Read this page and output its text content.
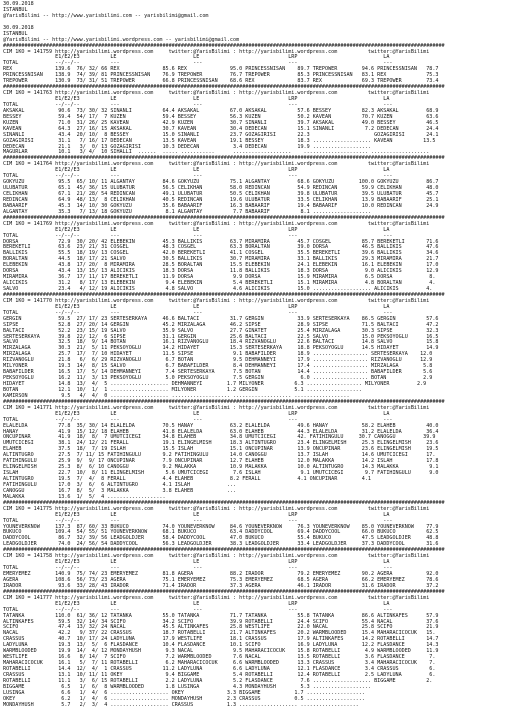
30.09.2018
ISTANBUL
@YarisBilimi -- http://www.yarisbilimi.com -- yarisbilimi@gmail.com
30.09.2018
ISTANBUL
@YarisBilimi -- http://www.yarisbilimi.wordpress.com -- yarisbilimi@gmail.com
################################################################################################################################################
CIM 1KO = 141759 http://yarisbilimi.wordpress.com     twitter:@YarisBilimi : http://yarisbilimi.wordpress.com          twitter:@YarisBilimi
E1/E2/E3          LE                         LE                             LRP                            LA
TOTAL            --/--/--          ---                        ---                            ---                            ---
REX              139.6  76/ 32/ 66 REX              85.6 REX              95.0 PRINCESSNISAN    89.7 TREPOWER        94.6 PRINCESSNISAN   78.7
PRINCESSNISAN    138.9  74/ 39/ 81 PRINCESSNISAN    76.9 TREPOWER         76.7 TREPOWER         85.3 PRINCESSNISAN   83.1 REX             75.3
TREPOWER         130.9  73/ 31/ 51 TREPOWER         66.8 PRINCESSNISAN    68.6 REX              83.7 REX             69.3 TREPOWER        73.4
################################################################################################################################################
CIM 1KO = 141763 http://yarisbilimi.wordpress.com     twitter:@YarisBilimi : http://yarisbilimi.wordpress.com          twitter:@YarisBilimi
E1/E2/E3          LE                         LE                             LRP                            LA
TOTAL            --/--/--          ---                        ---                            ---                            ---
AKSAKAL           90.6  73/ 30/ 32 SINANLI          64.4 AKSAKAL          67.0 AKSAKAL          57.6 BESSEY          82.3 AKSAKAL         68.9
BESSEY            59.4  54/ 17/  7 KUZEN            59.4 BESSEY           56.3 KUZEN            50.2 KAVEAN          70.7 KUZEN           63.6
KUZEN             71.0  31/ 26/ 25 KAVEAN           42.9 KUZEN            30.7 SINANLI          39.7 AKSAKAL         49.0 BESSEY          46.5
KAVEAN            64.3  27/ 16/ 15 AKSAKAL          30.7 KAVEAN           30.4 DEDECAN          15.1 SINANLI          7.2 DEDECAN         24.4
SINANLI           43.4  20/ 10/  8 BESSEY           15.0 SINANLI          23.7 GOZAGIRISI       22.3                     GOZAGIRISI       24.1
GOZAGIRISI        31.1   7/ 16/ 17 DEDECAN          13.5 KAVEAN           19.1 BESSEY           18.3 ................... KAVEAN          13.5
DEDECAN           21.1   3/  0/ 13 GOZAGIRISI       10.3 DEDECAN           3.4 DEDECAN          19.9 ...................
MAGURLAR          10.1   3/ 4/  10 SIHALLI  ......  ..... ...........      ...................    ..................... ...................
################################################################################################################################################
CIM 1KO = 141764 http://yarisbilimi.wordpress.com     twitter:@YarisBilimi : http://yarisbilimi.wordpress.com          twitter:@YarisBilimi
E1/E2/E3          LE                         LE                             LRP                            LA
TOTAL            --/--/--          ---                        ---                            ---                            ---
GOKYUZU           95.5  65/ 10/ 11 ALGANTAY         84.6 GOKYUZU          75.1 ALGANTAY         68.6 GOKYUZU        100.0 GOKYUZU         86.7
ULUBATUR          65.1  45/ 36/ 15 ULUBATUR         56.5 CELIKHAN         58.0 REDINCAN         54.9 REDINCAN        59.9 CELIKHAN        48.0
CELIKHAN          67.1  21/ 28/ 54 REDINCAN         49.1 ULUBATUR         50.5 CELIKHAN         39.8 ULUBATUR        39.5 ULUBATUR        45.7
REDINCAN          64.9  48/ 13/  8 CELIKHAN         40.5 REDINCAN         19.6 ULUBATUR         33.5 CELIKHAN        13.9 BABAARIF        25.1
BABAARIF          45.3  14/ 10/ 30 GOKYUZU          35.6 BABAARIF         16.3 BABAARIF         19.4 BABAARIF        10.0 REDINCAN        24.9
ALGANTAY          35.3   7/ 13/ 18 GOKYUZU           8.1 ALGANTAY          7.7 BABAARIF          8.1 ...................
################################################################################################################################################
CIM 1KO = 141769 http://yarisbilimi.wordpress.com     twitter:@YarisBilimi : http://yarisbilimi.wordpress.com          twitter:@YarisBilimi
E1/E2/E3          LE                         LE                             LRP                            LA
TOTAL            --/--/--          ---                        ---                            ---                            ---
DORSA             72.9  30/ 20/ 42 ELEBEKIN         45.3 BALLIKIS         63.7 MIRAMIRA         45.7 COSGEL          85.7 BEREKETLI       71.6
BEREKETLI         63.6  23/ 21/ 31 COSGEL           48.3 COSGEL           63.3 BORALTAN         39.0 DORSA           46.5 BALLIKIS        47.6
BALLIKIS          55.5  18/ 19/ 13 COSGEL           42.0 BEREKETLI        41.1 COSGEL           35.5 BEREKETLI       39.6 BALLIKIS        34.6
BORALTAN          44.5  18/ 17/ 21 SALVO            30.5 BALLIKIS         30.7 MIRAMIRA         33.1 BALLIKIS        29.3 MIRAMIRA        21.7
ELEBEKIN          43.8  17/ 20/  8 MIRAMIRA         28.5 BORALTAN         15.5 ELEBEKIN         24.1 ELEBEKIN        16.1 ELEBEKIN        17.0
DORSA             43.4  13/ 15/ 13 ALICIKIS         18.3 DORSA            11.8 BALLIKIS         18.3 DORSA            9.0 ALICIKIS        12.9
MIRAMIRA          36.7  17/ 11/ 17 BEREKETLI        11.9 DORSA             9.9 DORSA            15.9 MIRAMIRA         6.5 DORSA            8.
ALICIKIS          31.2   8/ 17/ 13 ELEBEKIN          9.4 ELEBEKIN          5.4 BEREKETLI        15.1 MIRAMIRA         4.8 BORALTAN         4.
SALVO             23.4   4/ 12/ 19 ALICIKIS          4.8 SALVO             4.6 ALICIKIS         15.0 ................... ALICIKIS         4.
################################################################################################################################################
CIM 1KO = 141770 http://yarisbilimi.wordpress.com     twitter:@YarisBilimi : http://yarisbilimi.wordpress.com          twitter:@YarisBilimi
E1/E2/E3          LE                         LE                             LRP                            LA
TOTAL            --/--/--          ---                        ---                            ---                            ---
GERGIN            59.5  27/ 17/ 23 SERTESERKAYA     46.6 BALTACI          31.7 GERGIN           33.9 SERTESERKAYA    86.5 GERGIN          57.6
SIPSE             52.8  27/ 20/ 14 GERGIN           45.2 MIRZALAGA        46.2 SIPSE            28.9 SIPSE           71.5 BALTACI         47.2
BALTACI           52.2  23/ 15/ 19 SALVO            35.9 SALVO            27.7 GINATET          25.4 MIRZALAGA       30.3 SIPSE           32.3
SERTESERKAYA      39.8  22/ 12/  6 SIPSE            31.1 GERGIN           25.6 BALTACI          22.5 SALVO           15.0 PEKSOYOGLU      16.5
SALVO             32.5  18/  9/ 14 BOTAN            16.1 RIZVANOGLU       18.4 RIZVANOGLU       22.6 BALTACI         14.8 SALVO           15.8
MIRZALAGA         30.3  21/  5/ 11 PEKSOYOGLU       14.2 HIDAYET          15.3 SERTESERKAYA     18.8 PEKSOYOGLU      14.5 HIDAYET         14.9
MIRZALAGA         25.7  17/  7/ 10 HIDAYET          11.5 SIPSE             9.1 BABAFILDER       18.9 .................. SERTESERKAYA    12.0
RIZVANOGLU        21.8   6/  6/ 29 RIZVANOGLU        6.7 BOTAN             9.5 DEHMANNEYI       17.9 .................. RIZVANOGLU      12.9
MILYONER          19.3  14/  8/ 15 SALVO             6.7 BABAFILDER        8.4 DEHMANNEYI       17.4 .................. MIRZALAGA        5.8
BABAFILDER        16.5  17/  5/ 14 DEHMANNEYI        7.4 SERTESERKAYA      7.5 BOTAN            14.4 .................. BABAFILDER       5.6
PEKSOYOGLU        16.2  11/  3/ 13 PEKSOYOGLU        5.0 PEKSOYOGLU        7.5 GERGIN            6.0 .................. BOTAN            2.9
HIDAYET           14.8  13/  4/  5 ................... DEHMANNEYI        1.7 MILYONER          6.3 .................. MILYONER         2.9
BOTAN             12.1  10/  1/  1 ................... MILYONER          1.2 GERGIN            5.1 ..................
KAMIRSON           9.5   4/  4/  0 ................... ................... ................... ..................
################################################################################################################################################
CIM 1KO = 141771 http://yarisbilimi.wordpress.com     twitter:@YarisBilimi : http://yarisbilimi.wordpress.com          twitter:@YarisBilimi
E1/E2/E3          LE                         LE                             LRP                            LA
TOTAL            --/--/--          ---                        ---                            ---                            ---
ELALELDA          77.8  35/ 30/ 14 ELALELDA         70.5 HANAY            63.2 ELALELDA         49.6 HANAY           58.2 ELAHEB          40.0
HANAY             41.9  15/ 12/ 18 ELAHEB           41.8 ELALELDA         63.0 ELAHEB           44.3 ELALELDA        31.2 ELALELDA        36.4
ONCUPINAR         41.9  18/  8/  7 UMUTCICEGI       34.8 ELAHEB           34.8 UMUTCICEGI       42. FATIHINGULU     30.7 CANOGGU         39.9
UMUTCICEGI        38.1  24/ 12/ 21 FERALL           19.1 ELINGELMISH      18.3 ALTINTUGRO       23.4 ELINGELMISH     25.3 ELINGELMISH     23.6
ELAHEB            37.5  18/  7/ 19 ISLAH            15.5 ISLAH            15.1 ONCUPINAR        13.9 ONCUPINAR       23.6 ELINGELMISH     19.5
ALTINTUGRO        27.5  7/ 11/ 15 FATIHINGULU       9.2 FATIHINGULU       14.0 CANOGGU          13.7 ISLAH           14.6 UMUTCICEGI      17.
FATIHINGULU       25.9  9/  9/ 17 ONCUPINAR         7.9 ONCUPINAR         12.7 ELAHEB           12.0 MALAKKA         14.2 ISLAH           17.8
ELINGELMISH       25.3  8/  6/ 10 CANOGGU           9.2 MALAKKA           10.9 MALAKKA          10.0 ALTINTUGRO      14.3 MALAKKA          9.1
ISLAH             22.7  10/  8/ 11 ELINGELMISH       5.6 UMUTCICEGI        7.6 ISLAH             9.1 UMUTCICEGI       9.7 FATIHINGULU      9.0
ALTINTUGRO        19.5  7/  4/  8 FERALL            4.4 ELAHEB            8.2 FERALL            4.1 ONCUPINAR        4.1
FATIHINGULU       17.0  3/  6/  6 ALTINTUGRO        4.1 ISLAH            ...
CANOGGU           16.7  8/  5/  3 MALAKKA           3.8 ELAHEB           ...
MALAKKA           13.6  1/  5/  4 ...................
################################################################################################################################################
CIM 1KO = 141775 http://yarisbilimi.wordpress.com     twitter:@YarisBilimi : http://yarisbilimi.wordpress.com          twitter:@YarisBilimi
E1/E2/E3          LE                         LE                             LRP                            LA
TOTAL            --/--/--          ---                        ---                            ---                            ---
YOUNEVERKNOW     137.3  87/ 60/ 33 BUKUCO           74.0 YOUNEVERKNOW     84.6 YOUNEVERKNOW     76.3 YOUNEVERKNOW    85.0 YOUNEVERKNOW    77.9
BUKUCO           109.4  54/ 55/ 51 YOUNEVERKNOW     68.1 BUKUCO           63.4 DADDYCOOL        69.4 DADDYCOOL       66.0 BUKUCO          62.5
DADDYCOOL         86.7  32/ 39/ 56 LEADGOLDJER      58.4 DADDYCOOL        47.0 BUKUCO           55.4 BUKUCO          47.5 LEADGOLDJER     48.8
LEADGOLDJER       74.0  24/ 56/ 54 DADDYCOOL        56.3 LEADGOLDJER      38.3 LEADGOLDJER      33.4 LEADGOLDJER     37.3 DADDYCOOL       31.6
################################################################################################################################################
CIM 1KO = 141758 http://yarisbilimi.wordpress.com     twitter:@YarisBilimi : http://yarisbilimi.wordpress.com          twitter:@YarisBilimi
E1/E2/E3          LE                         LE                             LRP                            LA
TOTAL            --/--/--          ---                        ---                            ---                            ---
EMERYEMEZ        140.9  75/ 74/ 23 EMERYEMEZ        81.8 AGERA            88.2 IRADOR           79.2 EMERYEMEZ       90.2 AGERA           92.0
AGERA            108.6  56/ 73/ 23 AGERA            75.1 EMERYEMEZ        75.3 EMERYEMEZ        68.5 AGERA           66.2 EMERYEMEZ       78.6
IRADOR            93.6  33/ 28/ 43 IRADOR           71.4 IRADOR           37.3 AGERA            46.1 IRADOR          31.6 IRADOR          37.2
################################################################################################################################################
CIM 1KO = 141777 http://yarisbilimi.wordpress.com     twitter:@YarisBilimi : http://yarisbilimi.wordpress.com          twitter:@YarisBilimi
E1/E2/E3          LE                         LE                             LRP                            LA
TOTAL            --/--/--          ---                        ---                            ---                            ---
TATANKA          110.0  61/ 36/ 12 TATANKA          55.0 TATANKA          71.7 TATANKA          55.8 TATANKA         86.6 ALTINKAFES      57.9
ALTINKAFES        59.5  32/ 14/ 34 SCIFO            34.2 SCIFO            39.9 ROTABELLI        24.4 SCIFO           55.4 NACAL           37.6
SCIFO             47.4  13/ 32/ 24 NACAL            45.5 ALTINKAFES       25.8 WESTLIFE         22.0 NACAL           25.8 SCIFO           21.9
NACAL             42.2   9/ 37/ 22 CRASSUS          18.7 ROTABELLI        21.7 ALTINKAFES       20.2 WARMBLOODED     15.4 MAHARACICOCUK   15.
CRASSUS           40.7  10/ 17/ 24 LADYLUNA         17.9 WESTLIFE         18.1 CRASSUS          17.9 ALTINKAFES      14.2 ROTABELLI       14.7
LADYLUNA          19.3  13/  5/  6 FLASDANCE        10.4 FLASDANCE        10.1 SCIFO            16.9 LADYLUNA        12.2 FLASDANCE       14.3
WARMBLOODED       19.9  14/  4/ 12 MONDAYHUSH        9.3 NACAL             9.5 MAHARACICOCUK    15.8 ROTABELLI        4.9 WARMBLOODED     11.9
WESTLIFE          16.6   8/ 14/  7 SCIFO             7.2 WARMBLOODED       7.6 NACAL            13.5 ROTABELLI        3.6 FLASDANCE        7.
MAHARACICOCUK     16.1   5/  7/ 11 ROTABELLI         6.2 MAHARACICOCUK     6.6 WARMBLOODED      13.3 CRASSUS          3.4 MAHARACICOCUK    7.
ROTABELLI         14.4  12/  4/  1 CRASSUS          11.2 LADYLUNA          6.6 LADYLUNA         12.1 FLASDANCE        3.4 CRASSUS          6.
CRASSUS           13.1  10/ 11/ 11 OKEY              9.4 BIGGAME           5.4 ROTABELLI        12.4 ROTABELLI        2.5 LADYLUNA         6.
ROTABELLI         11.1   3/  6/ 15 ROTABELLI         2.2 LADYLUNA          5.2 FLASDANCE         7.6 ................... BIGGAME          2.
BIGGAME            6.5   1/  6/  8 WARMBLOODED       1.8 LUSINGA           4.3 MONDAYHUSH        5.3 ...................
LUSINGA            6.6   1/  4/  6 ................... OKEY              3.3 BIGGAME           1.7 ...................
OKEY               6.2   1/  4/  6 ................... MONDAYHUSH        2.3 CRASSUS           0.5 ...................
MONDAYHUSH         5.7   2/  3/  4 ................... CRASSUS           1.3 ................... ...................
